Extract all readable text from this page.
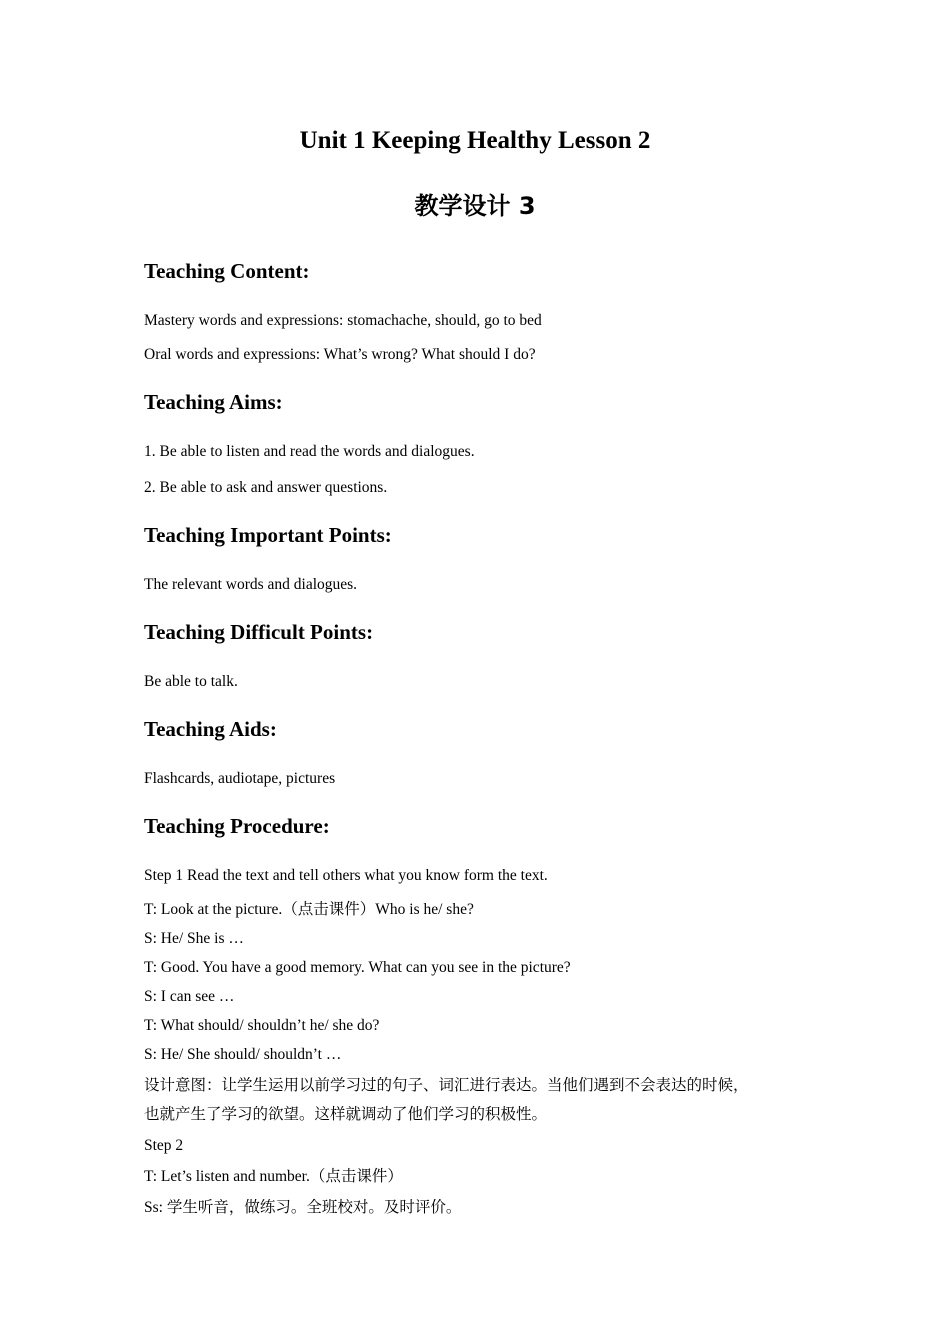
Unit 1 Keeping Healthy Lesson 2
教学设计 3
Teaching Content:

Mastery words and expressions: stomachache, should, go to bed

Oral words and expressions: What’s wrong? What should I do?

Teaching Aims:

1. Be able to listen and read the words and dialogues.

2. Be able to ask and answer questions.

Teaching Important Points:

The relevant words and dialogues.

Teaching Difficult Points:

Be able to talk.

Teaching Aids:

Flashcards, audiotape, pictures

Teaching Procedure:

Step 1 Read the text and tell others what you know form the text.

T: Look at the picture.（点击课件）Who is he/ she?

S: He/ She is …

T: Good. You have a good memory. What can you see in the picture?

S: I can see …

T: What should/ shouldn’t he/ she do?

S: He/ She should/ shouldn’t …

设计意图：让学生运用以前学习过的句子、词汇进行表达。当他们遇到不会表达的时候，

也就产生了学习的欲望。这样就调动了他们学习的积极性。

Step 2

T: Let’s listen and number.（点击课件）

Ss: 学生听音，做练习。全班校对。及时评价。
